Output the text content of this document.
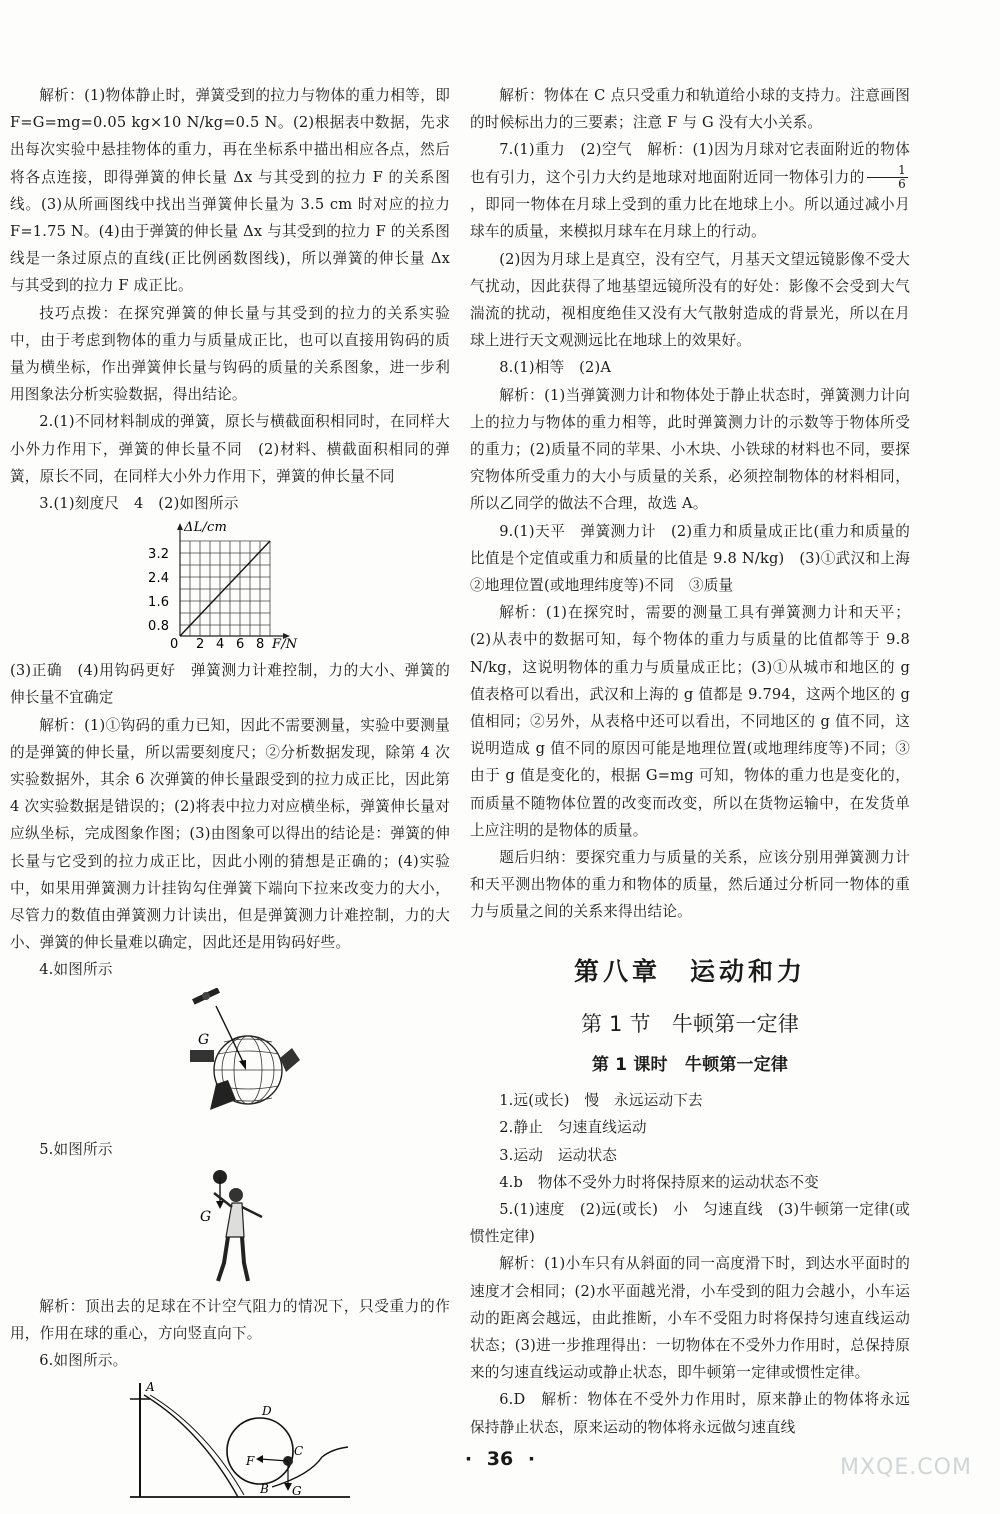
解析：(1)物体静止时，弹簧受到的拉力与物体的重力相等，即 F=G=mg=0.05 kg×10 N/kg=0.5 N。(2)根据表中数据，先求出每次实验中悬挂物体的重力，再在坐标系中描出相应各点，然后将各点连接，即得弹簧的伸长量 Δx 与其受到的拉力 F 的关系图线。(3)从所画图线中找出当弹簧伸长量为 3.5 cm 时对应的拉力 F=1.75 N。(4)由于弹簧的伸长量 Δx 与其受到的拉力 F 的关系图线是一条过原点的直线(正比例函数图线)，所以弹簧的伸长量 Δx 与其受到的拉力 F 成正比。

技巧点拨：在探究弹簧的伸长量与其受到的拉力的关系实验中，由于考虑到物体的重力与质量成正比，也可以直接用钩码的质量为横坐标，作出弹簧伸长量与钩码的质量的关系图象，进一步利用图象法分析实验数据，得出结论。

2.(1)不同材料制成的弹簧，原长与横截面积相同时，在同样大小外力作用下，弹簧的伸长量不同　(2)材料、横截面积相同的弹簧，原长不同，在同样大小外力作用下，弹簧的伸长量不同

3.(1)刻度尺　4　(2)如图所示

ΔL/cm
F/N
3.2
2.4
1.6
0.8
0 2 4 6 8

(3)正确　(4)用钩码更好　弹簧测力计难控制，力的大小、弹簧的伸长量不宜确定

解析：(1)①钩码的重力已知，因此不需要测量，实验中要测量的是弹簧的伸长量，所以需要刻度尺；②分析数据发现，除第 4 次实验数据外，其余 6 次弹簧的伸长量跟受到的拉力成正比，因此第 4 次实验数据是错误的；(2)将表中拉力对应横坐标，弹簧伸长量对应纵坐标，完成图象作图；(3)由图象可以得出的结论是：弹簧的伸长量与它受到的拉力成正比，因此小刚的猜想是正确的；(4)实验中，如果用弹簧测力计挂钩勾住弹簧下端向下拉来改变力的大小，尽管力的数值由弹簧测力计读出，但是弹簧测力计难控制，力的大小、弹簧的伸长量难以确定，因此还是用钩码好些。

4.如图所示

G

5.如图所示

G

解析：顶出去的足球在不计空气阻力的情况下，只受重力的作用，作用在球的重心，方向竖直向下。

6.如图所示。

A
D
F
C
B G

解析：物体在 C 点只受重力和轨道给小球的支持力。注意画图的时候标出力的三要素；注意 F 与 G 没有大小关系。

7.(1)重力　(2)空气　解析：(1)因为月球对它表面附近的物体也有引力，这个引力大约是地球对地面附近同一物体引力的 $\frac{1}{6}$
，即同一物体在月球上受到的重力比在地球上小。所以通过减小月球车的质量，来模拟月球车在月球上的行动。

(2)因为月球上是真空，没有空气，月基天文望远镜影像不受大气扰动，因此获得了地基望远镜所没有的好处：影像不会受到大气湍流的扰动，视相度绝佳又没有大气散射造成的背景光，所以在月球上进行天文观测远比在地球上的效果好。

8.(1)相等　(2)A

解析：(1)当弹簧测力计和物体处于静止状态时，弹簧测力计向上的拉力与物体的重力相等，此时弹簧测力计的示数等于物体所受的重力；(2)质量不同的苹果、小木块、小铁球的材料也不同，要探究物体所受重力的大小与质量的关系，必须控制物体的材料相同，所以乙同学的做法不合理，故选 A。

9.(1)天平　弹簧测力计　(2)重力和质量成正比(重力和质量的比值是个定值或重力和质量的比值是 9.8 N/kg)　(3)①武汉和上海　②地理位置(或地理纬度等)不同　③质量

解析：(1)在探究时，需要的测量工具有弹簧测力计和天平；(2)从表中的数据可知，每个物体的重力与质量的比值都等于 9.8 N/kg，这说明物体的重力与质量成正比；(3)①从城市和地区的 g 值表格可以看出，武汉和上海的 g 值都是 9.794，这两个地区的 g 值相同；②另外，从表格中还可以看出，不同地区的 g 值不同，这说明造成 g 值不同的原因可能是地理位置(或地理纬度等)不同；③由于 g 值是变化的，根据 G=mg 可知，物体的重力也是变化的，而质量不随物体位置的改变而改变，所以在货物运输中，在发货单上应注明的是物体的质量。

题后归纳：要探究重力与质量的关系，应该分别用弹簧测力计和天平测出物体的重力和物体的质量，然后通过分析同一物体的重力与质量之间的关系来得出结论。

第八章　运动和力
第 1 节　牛顿第一定律
第 1 课时　牛顿第一定律

1.远(或长)　慢　永远运动下去

2.静止　匀速直线运动

3.运动　运动状态

4.b　物体不受外力时将保持原来的运动状态不变

5.(1)速度　(2)远(或长)　小　匀速直线　(3)牛顿第一定律(或惯性定律)

解析：(1)小车只有从斜面的同一高度滑下时，到达水平面时的速度才会相同；(2)水平面越光滑，小车受到的阻力会越小，小车运动的距离会越远，由此推断，小车不受阻力时将保持匀速直线运动状态；(3)进一步推理得出：一切物体在不受外力作用时，总保持原来的匀速直线运动或静止状态，即牛顿第一定律或惯性定律。

6.D　解析：物体在不受外力作用时，原来静止的物体将永远保持静止状态，原来运动的物体将永远做匀速直线

· 36 ·	MXQE.COM
